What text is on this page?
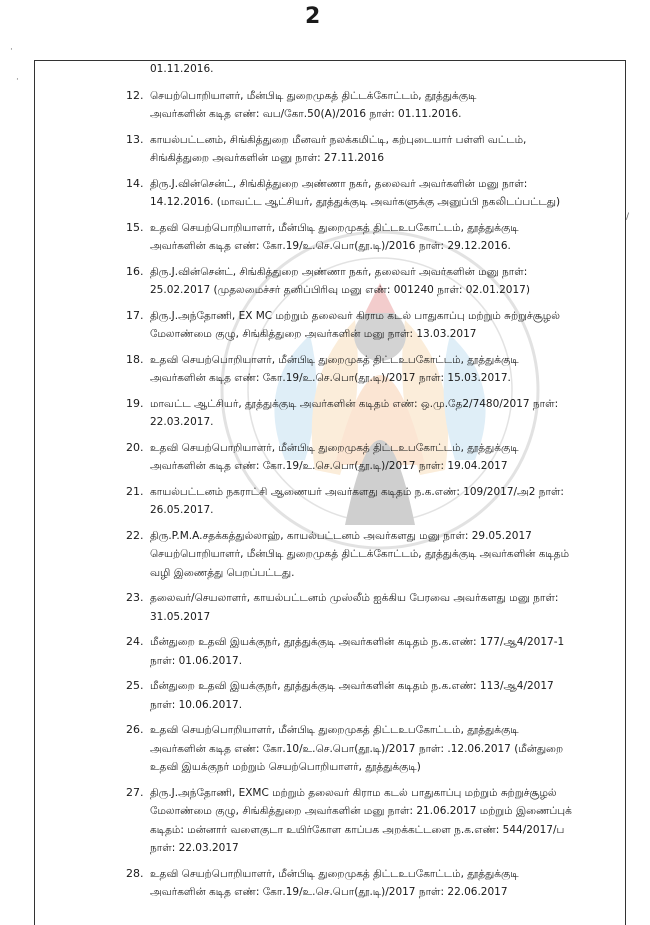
2
·
·
/
01.11.2016.
12. செயற்பொறியாளர், மீன்பிடி துறைமுகத் திட்டக்கோட்டம், தூத்துக்குடி
அவர்களின் கடித எண்: வப/கோ.50(A)/2016 நாள்: 01.11.2016.
13. காயல்பட்டனம், சிங்கித்துறை மீனவர் நலக்கமிட்டி, கற்புடையார் பள்ளி வட்டம்,
சிங்கித்துறை அவர்களின் மனு நாள்: 27.11.2016
14. திரு.J.வின்சென்ட், சிங்கித்துறை அண்ணா நகர், தலைவர் அவர்களின் மனு நாள்:
14.12.2016. (மாவட்ட ஆட்சியர், தூத்துக்குடி அவர்களுக்கு அனுப்பி நகலிடப்பட்டது)
15. உதவி செயற்பொறியாளர், மீன்பிடி துறைமுகத் திட்டஉபகோட்டம், தூத்துக்குடி
அவர்களின் கடித எண்: கோ.19/உ.செ.பொ(தூ.டி)/2016 நாள்: 29.12.2016.
16. திரு.J.வின்சென்ட், சிங்கித்துறை அண்ணா நகர், தலைவர் அவர்களின் மனு நாள்:
25.02.2017 (முதலமைச்சர் தனிப்பிரிவு மனு எண்: 001240 நாள்: 02.01.2017)
17. திரு.J.அந்தோணி, EX MC மற்றும் தலைவர் கிராம கடல் பாதுகாப்பு மற்றும் சுற்றுச்சூழல்
மேலாண்மை குழு, சிங்கித்துறை அவர்களின் மனு நாள்: 13.03.2017
18. உதவி செயற்பொறியாளர், மீன்பிடி துறைமுகத் திட்டஉபகோட்டம், தூத்துக்குடி
அவர்களின் கடித எண்: கோ.19/உ.செ.பொ(தூ.டி)/2017 நாள்: 15.03.2017.
19. மாவட்ட ஆட்சியர், தூத்துக்குடி அவர்களின் கடிதம் எண்: ஒ.மு.தே2/7480/2017 நாள்:
22.03.2017.
20. உதவி செயற்பொறியாளர், மீன்பிடி துறைமுகத் திட்டஉபகோட்டம், தூத்துக்குடி
அவர்களின் கடித எண்: கோ.19/உ.செ.பொ(தூ.டி)/2017 நாள்: 19.04.2017
21. காயல்பட்டனம் நகராட்சி ஆணையர் அவர்களது கடிதம் ந.க.எண்: 109/2017/அ2 நாள்:
26.05.2017.
22. திரு.P.M.A.சதக்கத்துல்லாஹ், காயல்பட்டனம் அவர்களது மனு நாள்: 29.05.2017
செயற்பொறியாளர், மீன்பிடி துறைமுகத் திட்டக்கோட்டம், தூத்துக்குடி அவர்களின் கடிதம்
வழி இணைத்து பெறப்பட்டது.
23. தலைவர்/செயலாளர், காயல்பட்டனம் முஸ்லீம் ஐக்கிய பேரவை அவர்களது மனு நாள்:
31.05.2017
24. மீன்துறை உதவி இயக்குநர், தூத்துக்குடி அவர்களின் கடிதம் ந.க.எண்: 177/ஆ4/2017-1
நாள்: 01.06.2017.
25. மீன்துறை உதவி இயக்குநர், தூத்துக்குடி அவர்களின் கடிதம் ந.க.எண்: 113/ஆ4/2017
நாள்: 10.06.2017.
26. உதவி செயற்பொறியாளர், மீன்பிடி துறைமுகத் திட்டஉபகோட்டம், தூத்துக்குடி
அவர்களின் கடித எண்: கோ.10/உ.செ.பொ(தூ.டி)/2017 நாள்: .12.06.2017 (மீன்துறை
உதவி இயக்குநர் மற்றும் செயற்பொறியாளர், தூத்துக்குடி)
27. திரு.J.அந்தோணி, EXMC மற்றும் தலைவர் கிராம கடல் பாதுகாப்பு மற்றும் சுற்றுச்சூழல்
மேலாண்மை குழு, சிங்கித்துறை அவர்களின் மனு நாள்: 21.06.2017 மற்றும் இணைப்புக்
கடிதம்: மன்னார் வளைகுடா உயிர்கோள காப்பக அறக்கட்டளை ந.க.எண்: 544/2017/ப
நாள்: 22.03.2017
28. உதவி செயற்பொறியாளர், மீன்பிடி துறைமுகத் திட்டஉபகோட்டம், தூத்துக்குடி
அவர்களின் கடித எண்: கோ.19/உ.செ.பொ(தூ.டி)/2017 நாள்: 22.06.2017
